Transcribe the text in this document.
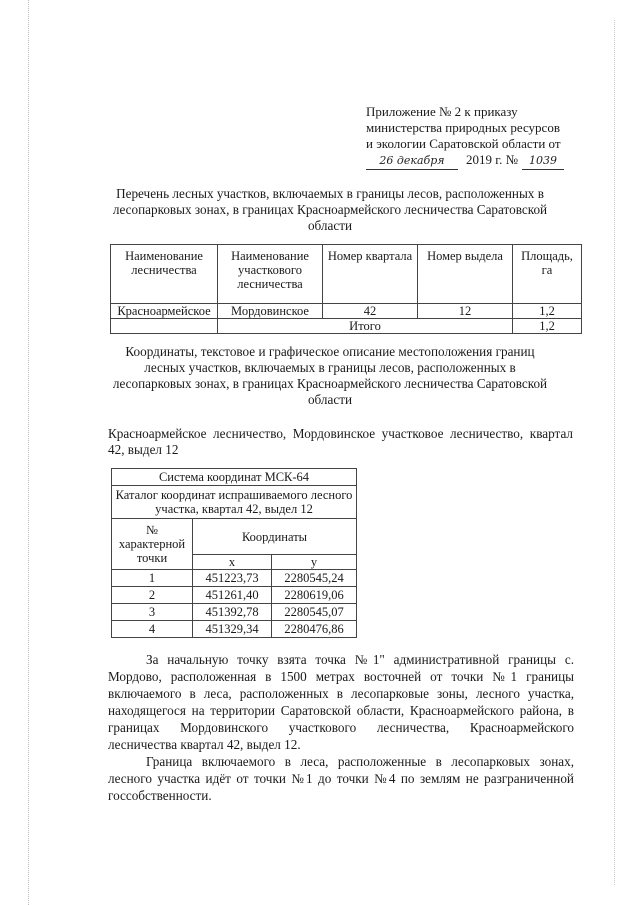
Приложение № 2 к приказу
министерства природных ресурсов
и экологии Саратовской области от
26 декабря	2019 г. №	1039
Перечень лесных участков, включаемых в границы лесов, расположенных в лесопарковых зонах, в границах Красноармейского лесничества Саратовской области
Наименование лесничества	Наименование участкового лесничества	Номер квартала	Номер выдела	Площадь, га
Красноармейское	Мордовинское	42	12	1,2
	Итого			1,2
Координаты, текстовое и графическое описание местоположения границ лесных участков, включаемых в границы лесов, расположенных в лесопарковых зонах, в границах Красноармейского лесничества Саратовской области
Красноармейское лесничество, Мордовинское участковое лесничество, квартал 42, выдел 12
Система координат МСК-64		
Каталог координат испрашиваемого лесного участка, квартал 42, выдел 12		
№ характерной точки	Координаты	
	x	y
1	451223,73	2280545,24
2	451261,40	2280619,06
3	451392,78	2280545,07
4	451329,34	2280476,86
За начальную точку взята точка №1" административной границы с. Мордово, расположенная в 1500 метрах восточней от точки №1 границы включаемого в леса, расположенных в лесопарковые зоны, лесного участка, находящегося на территории Саратовской области, Красноармейского района, в границах Мордовинского участкового лесничества, Красноармейского лесничества квартал 42, выдел 12.
Граница включаемого в леса, расположенные в лесопарковых зонах, лесного участка идёт от точки №1 до точки №4 по землям не разграниченной госсобственности.
